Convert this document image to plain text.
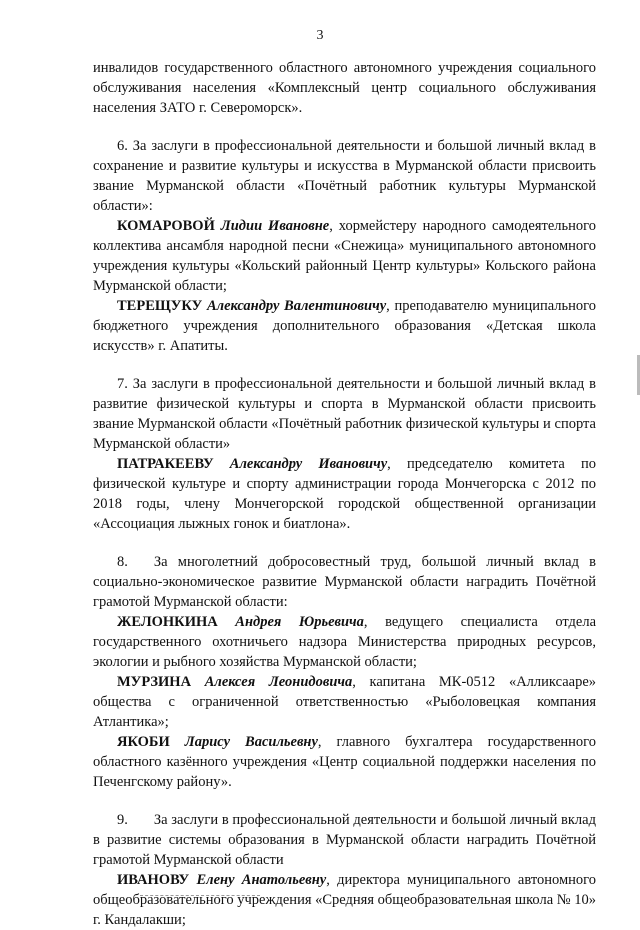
3

инвалидов государственного областного автономного учреждения социального обслуживания населения «Комплексный центр социального обслуживания населения ЗАТО г. Североморск».

6. За заслуги в профессиональной деятельности и большой личный вклад в сохранение и развитие культуры и искусства в Мурманской области присвоить звание Мурманской области «Почётный работник культуры Мурманской области»:

КОМАРОВОЙ Лидии Ивановне, хормейстеру народного самодеятельного коллектива ансамбля народной песни «Снежица» муниципального автономного учреждения культуры «Кольский районный Центр культуры» Кольского района Мурманской области;

ТЕРЕЩУКУ Александру Валентиновичу, преподавателю муниципального бюджетного учреждения дополнительного образования «Детская школа искусств» г. Апатиты.

7. За заслуги в профессиональной деятельности и большой личный вклад в развитие физической культуры и спорта в Мурманской области присвоить звание Мурманской области «Почётный работник физической культуры и спорта Мурманской области»

ПАТРАКЕЕВУ Александру Ивановичу, председателю комитета по физической культуре и спорту администрации города Мончегорска с 2012 по 2018 годы, члену Мончегорской городской общественной организации «Ассоциация лыжных гонок и биатлона».

8. За многолетний добросовестный труд, большой личный вклад в социально-экономическое развитие Мурманской области наградить Почётной грамотой Мурманской области:

ЖЕЛОНКИНА Андрея Юрьевича, ведущего специалиста отдела государственного охотничьего надзора Министерства природных ресурсов, экологии и рыбного хозяйства Мурманской области;

МУРЗИНА Алексея Леонидовича, капитана МК-0512 «Алликсааре» общества с ограниченной ответственностью «Рыболовецкая компания Атлантика»;

ЯКОБИ Ларису Васильевну, главного бухгалтера государственного областного казённого учреждения «Центр социальной поддержки населения по Печенгскому району».

9. За заслуги в профессиональной деятельности и большой личный вклад в развитие системы образования в Мурманской области наградить Почётной грамотой Мурманской области

ИВАНОВУ Елену Анатольевну, директора муниципального автономного общеобразовательного учреждения «Средняя общеобразовательная школа № 10» г. Кандалакши;
